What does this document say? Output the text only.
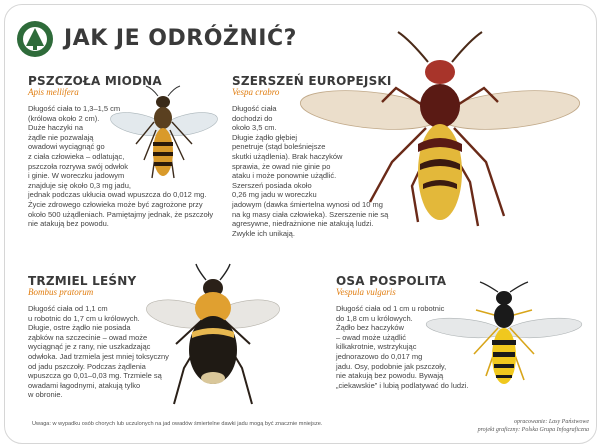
JAK JE ODRÓŻNIĆ?
PSZCZOŁA MIODNA
Apis mellifera
Długość ciała to 1,3–1,5 cm
(królowa około 2 cm).
Duże haczyki na
żądle nie pozwalają
owadowi wyciągnąć go
z ciała człowieka – odlatując,
pszczoła rozrywa swój odwłok
i ginie. W woreczku jadowym
znajduje się około 0,3 mg jadu,
jednak podczas ukłucia owad wpuszcza do 0,012 mg.
Życie zdrowego człowieka może być zagrożone przy
około 500 użądleniach. Pamiętajmy jednak, że pszczoły
nie atakują bez powodu.
SZERSZEŃ EUROPEJSKI
Vespa crabro
Długość ciała
dochodzi do
około 3,5 cm.
Długie żądło głębiej
penetruje (stąd boleśniejsze
skutki użądlenia). Brak haczyków
sprawia, że owad nie ginie po
ataku i może ponownie użądlić.
Szerszeń posiada około
0,26 mg jadu w woreczku
jadowym (dawka śmiertelna wynosi od 10 mg
na kg masy ciała człowieka). Szerszenie nie są
agresywne, niedrażnione nie atakują ludzi.
Zwykle ich unikają.
TRZMIEL LEŚNY
Bombus pratorum
Długość ciała od 1,1 cm
u robotnic do 1,7 cm u królowych.
Długie, ostre żądło nie posiada
ząbków na szczecinie – owad może
wyciągnąć je z rany, nie uszkadzając
odwłoka. Jad trzmiela jest mniej toksyczny
od jadu pszczoły. Podczas żądlenia
wpuszcza go 0,01–0,03 mg. Trzmiele są
owadami łagodnymi, atakują tylko
w obronie.
OSA POSPOLITA
Vespula vulgaris
Długość ciała od 1 cm u robotnic
do 1,8 cm u królowych.
Żądło bez haczyków
– owad może użądlić
kilkakrotnie, wstrzykując
jednorazowo do 0,017 mg
jadu. Osy, podobnie jak pszczoły,
nie atakują bez powodu. Bywają
„ciekawskie” i lubią podlatywać do ludzi.
Uwaga: w wypadku osób chorych lub uczulonych na jad owadów śmiertelne dawki jadu mogą być znacznie mniejsze.	opracowanie: Lasy Państwowe
projekt graficzny: Polska Grupa Infograficzna
